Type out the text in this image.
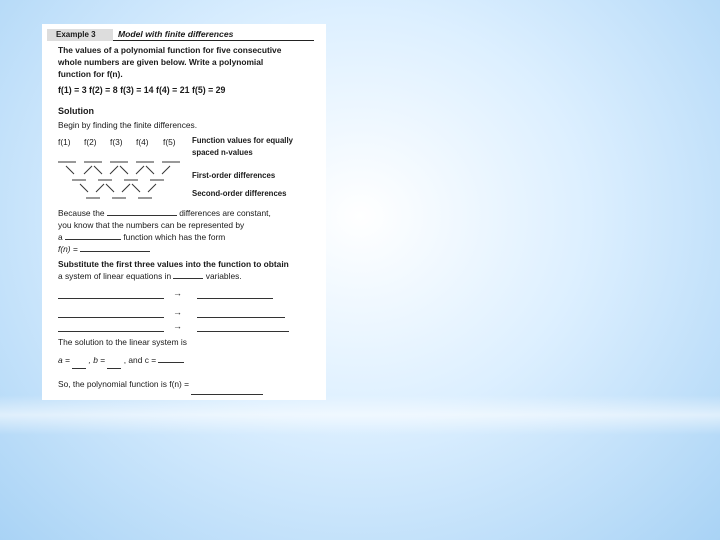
Example 3	Model with finite differences
The values of a polynomial function for five consecutive
whole numbers are given below. Write a polynomial
function for f(n).
f(1) = 3 f(2) = 8 f(3) = 14 f(4) = 21 f(5) = 29
Solution
Begin by finding the finite differences.
f(1) f(2) f(3) f(4) f(5) Function values for equally
spaced n-values
First-order differences
Second-order differences
Because the	differences are constant,
you know that the numbers can be represented by
a	function which has the form
f(n) =
Substitute the first three values into the function to obtain
a system of linear equations in	variables.
→
→
→
The solution to the linear system is
a = , b = , and c =
So, the polynomial function is f(n) =
